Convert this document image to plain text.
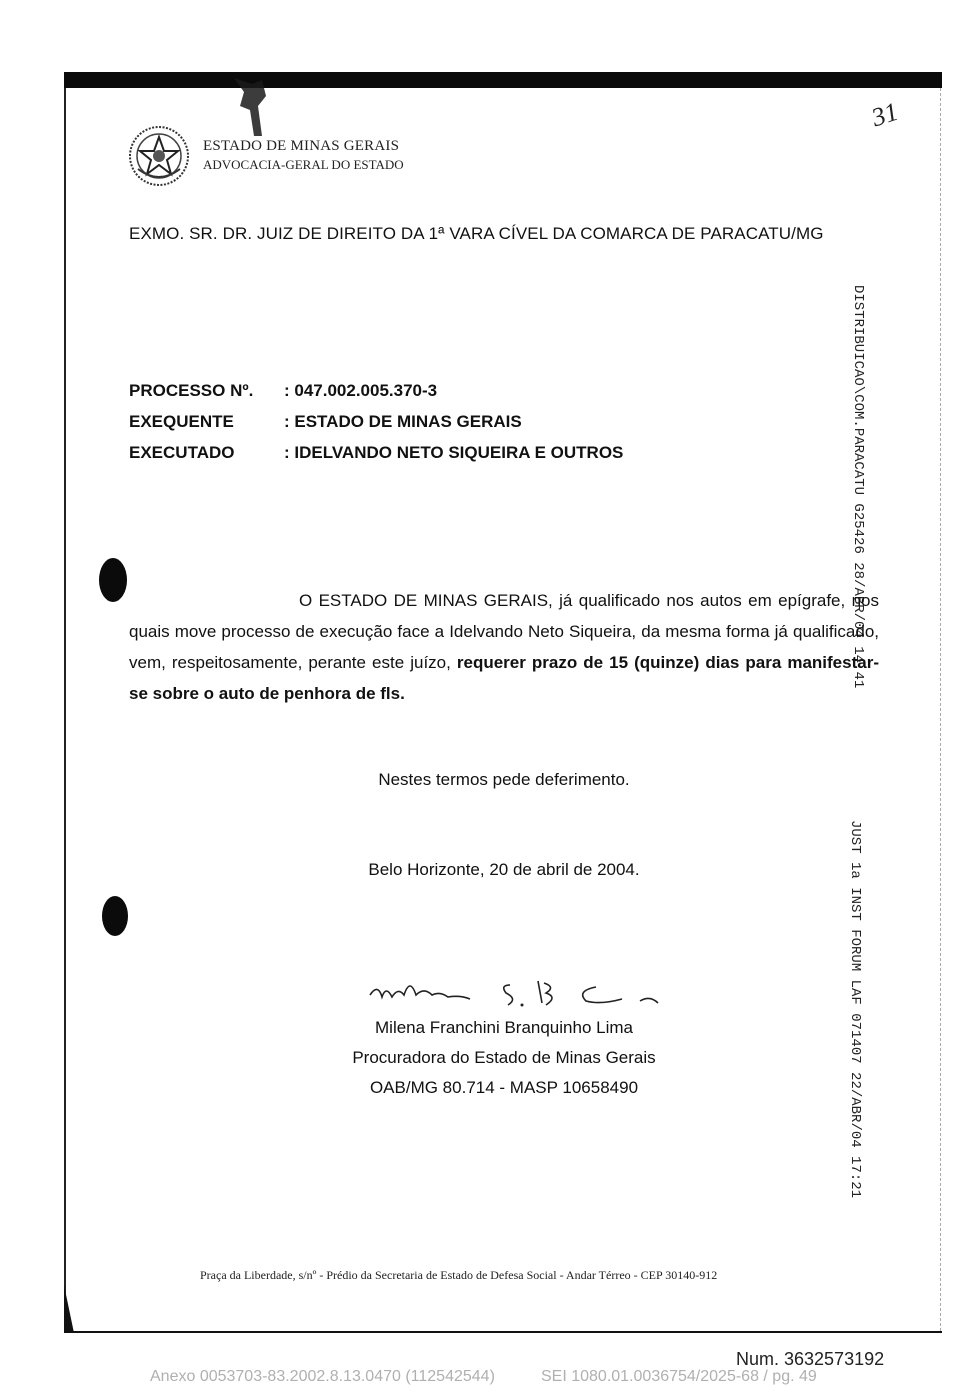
ESTADO DE MINAS GERAIS
ADVOCACIA-GERAL DO ESTADO
31
EXMO. SR. DR. JUIZ DE DIREITO DA 1ª VARA CÍVEL DA COMARCA DE PARACATU/MG
PROCESSO Nº.	: 047.002.005.370-3
EXEQUENTE	: ESTADO DE MINAS GERAIS
EXECUTADO	: IDELVANDO NETO SIQUEIRA E OUTROS	DISTRIBUICAO\COM.PARACATU G25426 28/ABR/04 14:41
JUST 1a INST FORUM LAF 071407 22/ABR/04 17:21
O ESTADO DE MINAS GERAIS, já qualificado nos autos em epígrafe, nos quais move processo de execução face a Idelvando Neto Siqueira, da mesma forma já qualificado, vem, respeitosamente, perante este juízo, requerer prazo de 15 (quinze) dias para manifestar-se sobre o auto de penhora de fls.
Nestes termos pede deferimento.
Belo Horizonte, 20 de abril de 2004.
Milena Franchini Branquinho Lima
Procuradora do Estado de Minas Gerais
OAB/MG 80.714 - MASP 10658490
Praça da Liberdade, s/nº - Prédio da Secretaria de Estado de Defesa Social - Andar Térreo - CEP 30140-912
Num. 3632573192
Anexo 0053703-83.2002.8.13.0470 (112542544)	SEI 1080.01.0036754/2025-68 / pg. 49
